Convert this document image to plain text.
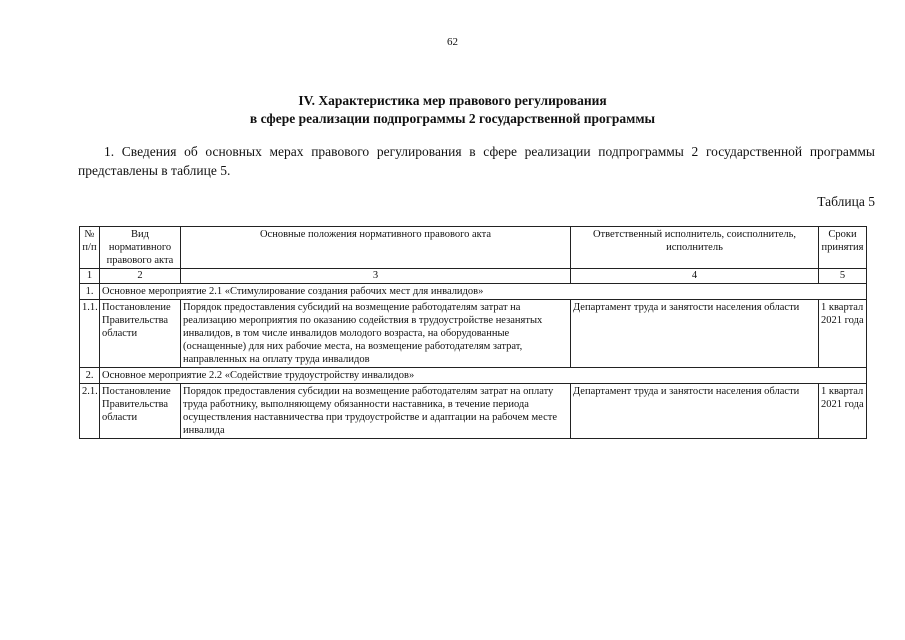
62
IV. Характеристика мер правового регулирования
в сфере реализации подпрограммы 2 государственной программы
1. Сведения об основных мерах правового регулирования в сфере реализации подпрограммы 2 государственной программы представлены в таблице 5.
Таблица 5
№ п/п	Вид нормативного правового акта	Основные положения нормативного правового акта	Ответственный исполнитель, соисполнитель, исполнитель	Сроки принятия
1	2	3	4	5
1.	Основное мероприятие 2.1 «Стимулирование создания рабочих мест для инвалидов»			
1.1.	Постановление Правительства области	Порядок предоставления субсидий на возмещение работодателям затрат на реализацию мероприятия по оказанию содействия в трудоустройстве незанятых инвалидов, в том числе инвалидов молодого возраста, на оборудованные (оснащенные) для них рабочие места, на возмещение работодателям затрат, направленных на оплату труда инвалидов	Департамент труда и занятости населения области	1 квартал 2021 года
2.	Основное мероприятие 2.2 «Содействие трудоустройству инвалидов»			
2.1.	Постановление Правительства области	Порядок предоставления субсидии на возмещение работодателям затрат на оплату труда работнику, выполняющему обязанности наставника, в течение периода осуществления наставничества при трудоустройстве и адаптации на рабочем месте инвалида	Департамент труда и занятости населения области	1 квартал 2021 года
